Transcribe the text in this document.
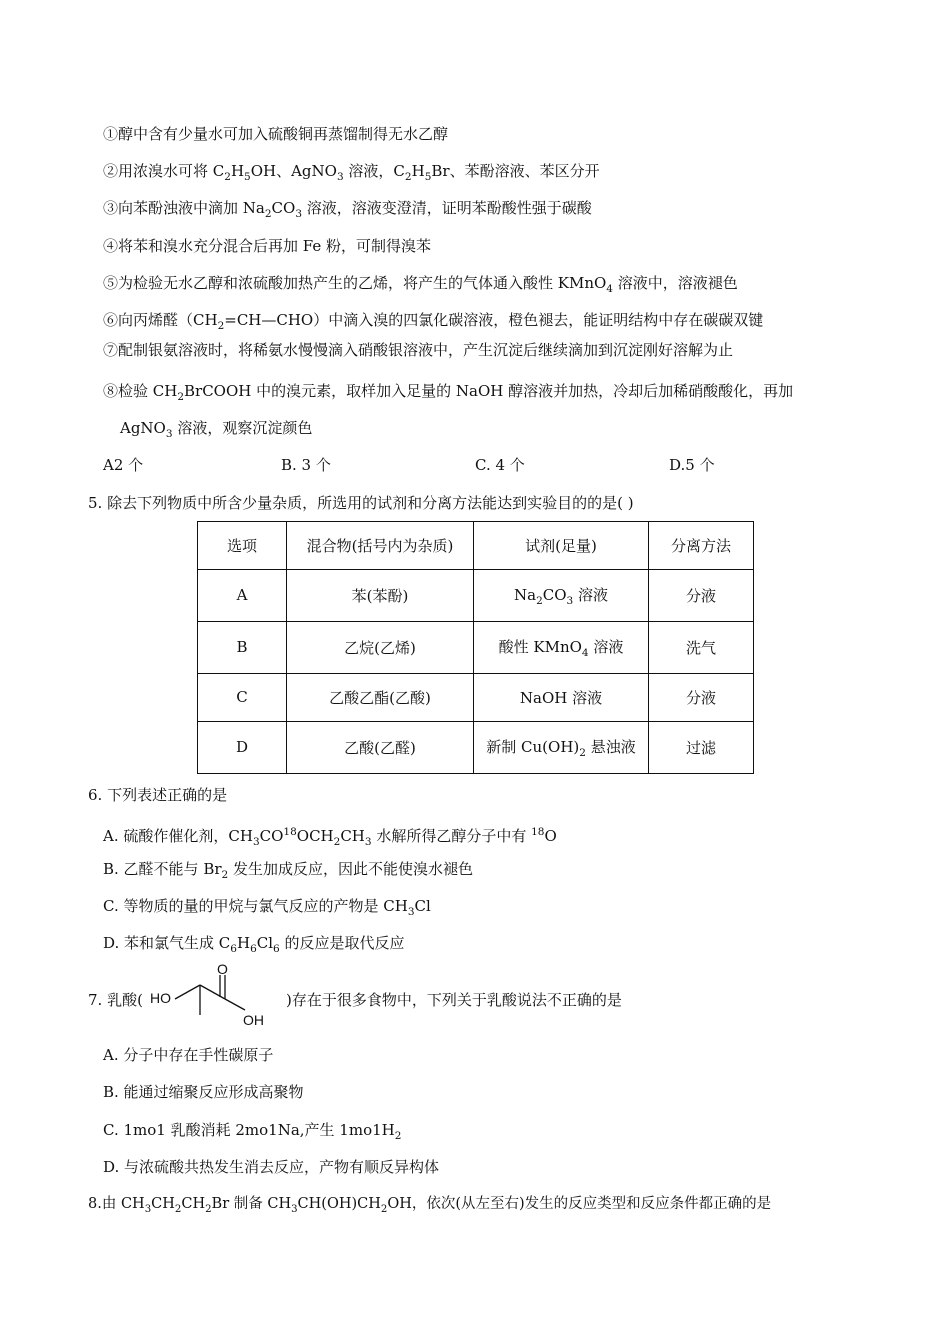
①醇中含有少量水可加入硫酸铜再蒸馏制得无水乙醇
②用浓溴水可将 $C_2H_5OH$、AgNO$_3$ 溶液，$C_2H_5Br$、苯酚溶液、苯区分开
③向苯酚浊液中滴加 $Na_2CO_3$ 溶液，溶液变澄清，证明苯酚酸性强于碳酸
④将苯和溴水充分混合后再加 Fe 粉，可制得溴苯
⑤为检验无水乙醇和浓硫酸加热产生的乙烯，将产生的气体通入酸性 KMnO$_4$ 溶液中，溶液褪色
⑥向丙烯醛$(CH_2=CH—CHO)$中滴入溴的四氯化碳溶液，橙色褪去，能证明结构中存在碳碳双键
⑦配制银氨溶液时，将稀氨水慢慢滴入硝酸银溶液中，产生沉淀后继续滴加到沉淀刚好溶解为止
⑧检验 $CH_2BrCOOH$ 中的溴元素，取样加入足量的 NaOH 醇溶液并加热，冷却后加稀硝酸酸化，再加
AgNO$_3$ 溶液，观察沉淀颜色
A2 个	B. 3 个	C. 4 个	D.5 个
5. 除去下列物质中所含少量杂质，所选用的试剂和分离方法能达到实验目的的是( )
选项	混合物(括号内为杂质)	试剂(足量)	分离方法
A	苯(苯酚)	$Na_2CO_3$ 溶液	分液
B	乙烷(乙烯)	酸性 KMnO$_4$ 溶液	洗气
C	乙酸乙酯(乙酸)	NaOH 溶液	分液
D	乙酸(乙醛)	新制 $Cu(OH)_2$ 悬浊液	过滤
6. 下列表述正确的是
A. 硫酸作催化剂，$CH_3CO^{18}OCH_2CH_3$ 水解所得乙醇分子中有 $^{18}$O
B. 乙醛不能与 $Br_2$ 发生加成反应，因此不能使溴水褪色
C. 等物质的量的甲烷与氯气反应的产物是 $CH_3Cl$
D. 苯和氯气生成 $C_6H_6Cl_6$ 的反应是取代反应
7. 乳酸( HO
O
OH
)存在于很多食物中，下列关于乳酸说法不正确的是
A. 分子中存在手性碳原子
B. 能通过缩聚反应形成高聚物
C. 1mo1 乳酸消耗 2mo1Na,产生 $1mo1H_2$
D. 与浓硫酸共热发生消去反应，产物有顺反异构体
8.由 $CH_3CH_2CH_2Br$ 制备 $CH_3CH(OH)CH_2OH$，依次(从左至右)发生的反应类型和反应条件都正确的是
